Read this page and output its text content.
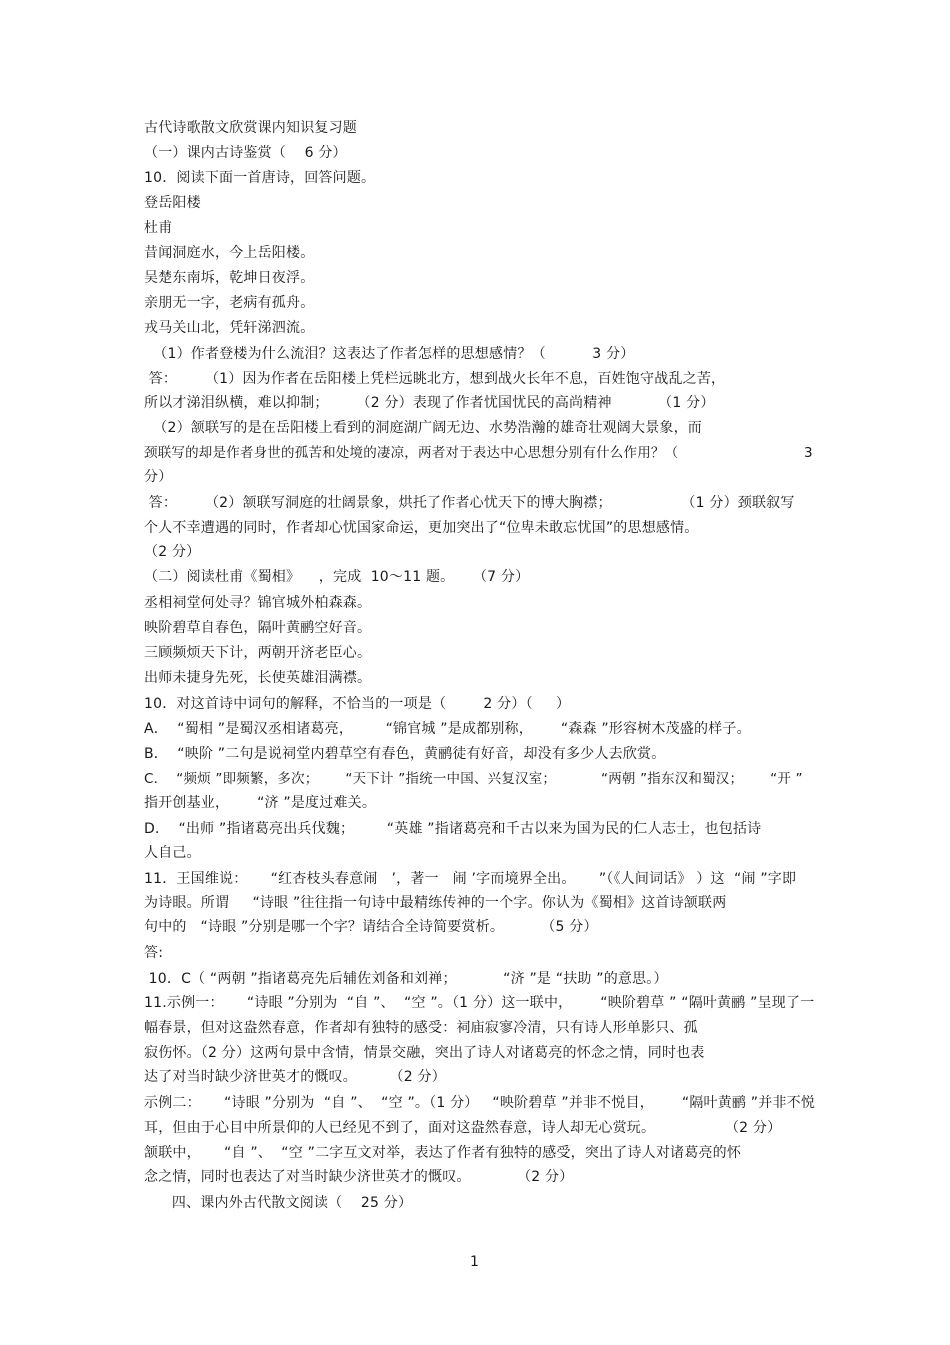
古代诗歌散文欣赏课内知识复习题
（一）课内古诗鉴赏（    6 分）
10．阅读下面一首唐诗，回答问题。
登岳阳楼
杜甫
昔闻洞庭水，今上岳阳楼。
吴楚东南坼，乾坤日夜浮。
亲朋无一字，老病有孤舟。
戎马关山北，凭轩涕泗流。
（1）作者登楼为什么流泪？这表达了作者怎样的思想感情？（          3 分）
答：      （1）因为作者在岳阳楼上凭栏远眺北方，想到战火长年不息，百姓饱守战乱之苦，
所以才涕泪纵横，难以抑制；      （2 分）表现了作者忧国忧民的高尚精神          （1 分）
（2）颔联写的是在岳阳楼上看到的洞庭湖广阔无边、水势浩瀚的雄奇壮观阔大景象，而
颈联写的却是作者身世的孤苦和处境的凄凉，两者对于表达中心思想分别有什么作用？（                            3
分）
答：      （2）颔联写洞庭的壮阔景象，烘托了作者心忧天下的博大胸襟；               （1 分）颈联叙写
个人不幸遭遇的同时，作者却心忧国家命运，更加突出了“位卑未敢忘忧国”的思想感情。
（2 分）
（二）阅读杜甫《蜀相》    ，完成  10～11 题。    （7 分）
丞相祠堂何处寻？锦官城外柏森森。
映阶碧草自春色，隔叶黄鹂空好音。
三顾频烦天下计，两朝开济老臣心。
出师未捷身先死，长使英雄泪满襟。
10．对这首诗中词句的解释，不恰当的一项是（        2 分）（     ）
A．  “蜀相 ”是蜀汉丞相诸葛亮，       “锦官城 ”是成都别称，      “森森 ”形容树木茂盛的样子。
B．  “映阶 ”二句是说祠堂内碧草空有春色，黄鹂徒有好音，却没有多少人去欣赏。
C．  “频烦 ”即频繁，多次；      “天下计 ”指统一中国、兴复汉室；          “两朝 ”指东汉和蜀汉；      “开 ”
指开创基业，      “济 ”是度过难关。
D．  “出师 ”指诸葛亮出兵伐魏；       “英雄 ”指诸葛亮和千古以来为国为民的仁人志士，也包括诗
人自己。
11．王国维说：     “红杏枝头春意闹   ’，著一   闹 ’字而境界全出。     ”（《人间词话》 ）这  “闹 ”字即
为诗眼。所谓     “诗眼 ”往往指一句诗中最精练传神的一个字。你认为《蜀相》这首诗颔联两
句中的   “诗眼 ”分别是哪一个字？请结合全诗简要赏析。        （5 分）
答:
10．C（ “两朝 ”指诸葛亮先后辅佐刘备和刘禅；          “济 ”是 “扶助 ”的意思。）
11.示例一：     “诗眼 ”分别为  “自 ”、  “空 ”。（1 分）这一联中，      “映阶碧草 ” “隔叶黄鹂 ”呈现了一
幅春景，但对这盎然春意，作者却有独特的感受：祠庙寂寥冷清，只有诗人形单影只、孤
寂伤怀。（2 分）这两句景中含情，情景交融，突出了诗人对诸葛亮的怀念之情，同时也表
达了对当时缺少济世英才的慨叹。       （2 分）
示例二：     “诗眼 ”分别为  “自 ”、  “空 ”。（1 分）   “映阶碧草 ”并非不悦目，      “隔叶黄鹂 ”并非不悦
耳，但由于心目中所景仰的人已经见不到了，面对这盎然春意，诗人却无心赏玩。               （2 分）
颔联中，     “自 ”、  “空 ”二字互文对举，表达了作者有独特的感受，突出了诗人对诸葛亮的怀
念之情，同时也表达了对当时缺少济世英才的慨叹。          （2 分）
四、课内外古代散文阅读（    25 分）
1
